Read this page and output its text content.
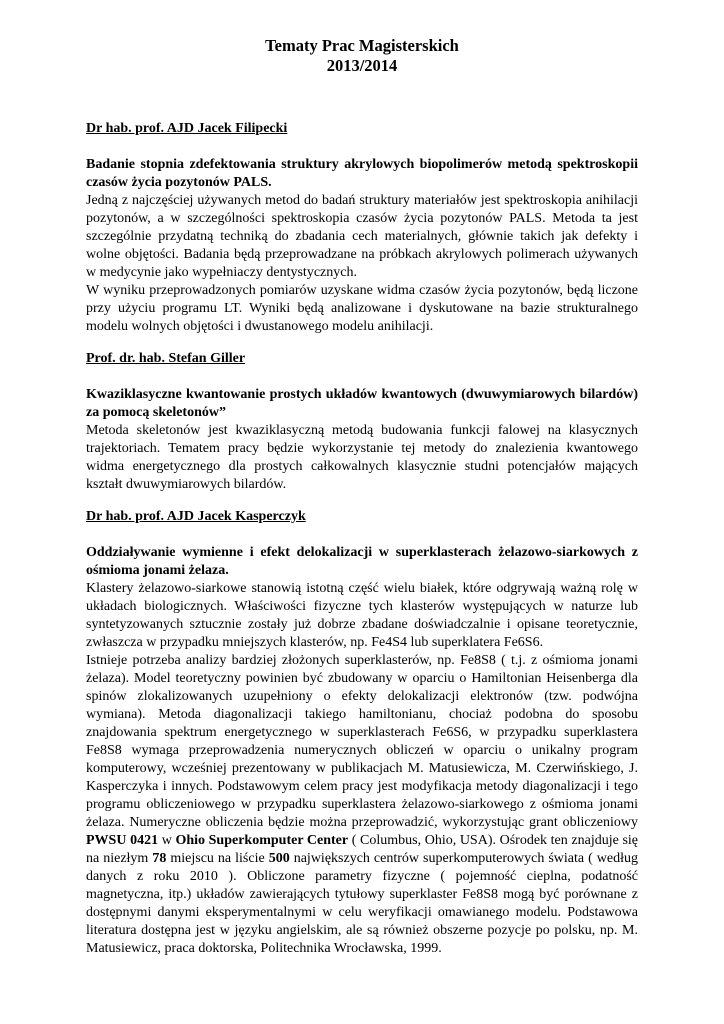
Tematy Prac Magisterskich
2013/2014
Dr hab. prof. AJD Jacek Filipecki
Badanie stopnia zdefektowania struktury akrylowych biopolimerów metodą spektroskopii czasów życia pozytonów PALS.
Jedną z najczęściej używanych metod do badań struktury materiałów jest spektroskopia anihilacji pozytonów, a w szczególności spektroskopia czasów życia pozytonów PALS. Metoda ta jest szczególnie przydatną techniką do zbadania cech materialnych, głównie takich jak defekty i wolne objętości. Badania będą przeprowadzane na próbkach akrylowych polimerach używanych w medycynie jako wypełniaczy dentystycznych.
W wyniku przeprowadzonych pomiarów uzyskane widma czasów życia pozytonów, będą liczone przy użyciu programu LT. Wyniki będą analizowane i dyskutowane na bazie strukturalnego modelu wolnych objętości i dwustanowego modelu anihilacji.
Prof. dr. hab. Stefan Giller
Kwaziklasyczne kwantowanie prostych układów kwantowych (dwuwymiarowych bilardów) za pomocą skeletonów”
Metoda skeletonów jest kwaziklasyczną metodą budowania funkcji falowej na klasycznych trajektoriach. Tematem pracy będzie wykorzystanie tej metody do znalezienia kwantowego widma energetycznego dla prostych całkowalnych klasycznie studni potencjałów mających kształt dwuwymiarowych bilardów.
Dr hab. prof. AJD Jacek Kasperczyk
Oddziaływanie wymienne i efekt delokalizacji w superklasterach żelazowo-siarkowych z ośmioma jonami żelaza.
Klastery żelazowo-siarkowe stanowią istotną część wielu białek, które odgrywają ważną rolę w układach biologicznych. Właściwości fizyczne tych klasterów występujących w naturze lub syntetyzowanych sztucznie zostały już dobrze zbadane doświadczalnie i opisane teoretycznie, zwłaszcza w przypadku mniejszych klasterów, np. Fe4S4 lub superklatera Fe6S6.
Istnieje potrzeba analizy bardziej złożonych superklasterów, np. Fe8S8 ( t.j. z ośmioma jonami żelaza). Model teoretyczny powinien być zbudowany w oparciu o Hamiltonian Heisenberga dla spinów zlokalizowanych uzupełniony o efekty delokalizacji elektronów (tzw. podwójna wymiana). Metoda diagonalizacji takiego hamiltonianu, chociaż podobna do sposobu znajdowania spektrum energetycznego w superklasterach Fe6S6, w przypadku superklastera Fe8S8 wymaga przeprowadzenia numerycznych obliczeń w oparciu o unikalny program komputerowy, wcześniej prezentowany w publikacjach M. Matusiewicza, M. Czerwińskiego, J. Kasperczyka i innych. Podstawowym celem pracy jest modyfikacja metody diagonalizacji i tego programu obliczeniowego w przypadku superklastera żelazowo-siarkowego z ośmioma jonami żelaza. Numeryczne obliczenia będzie można przeprowadzić, wykorzystując grant obliczeniowy PWSU 0421 w Ohio Superkomputer Center ( Columbus, Ohio, USA). Ośrodek ten znajduje się na niezłym 78 miejscu na liście 500 największych centrów superkomputerowych świata ( według danych z roku 2010 ). Obliczone parametry fizyczne ( pojemność cieplna, podatność magnetyczna, itp.) układów zawierających tytułowy superklaster Fe8S8 mogą być porównane z dostępnymi danymi eksperymentalnymi w celu weryfikacji omawianego modelu. Podstawowa literatura dostępna jest w języku angielskim, ale są również obszerne pozycje po polsku, np. M. Matusiewicz, praca doktorska, Politechnika Wrocławska, 1999.
